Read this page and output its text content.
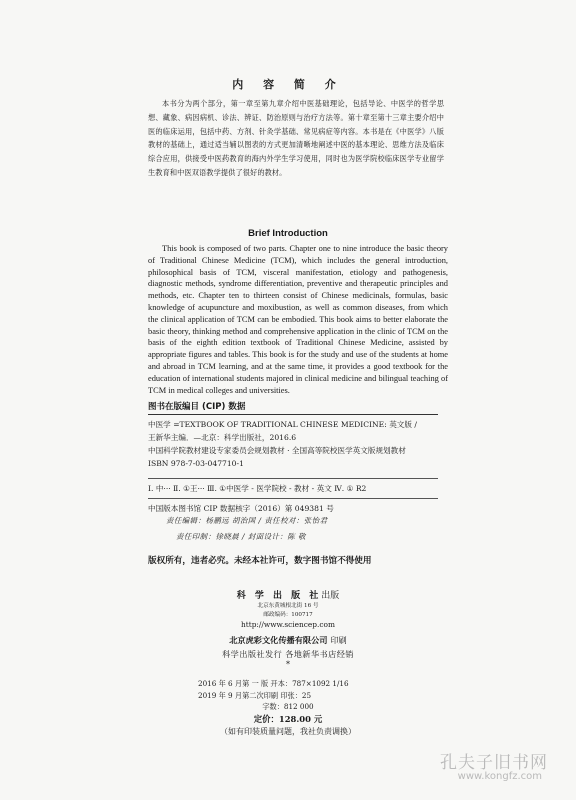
内 容 简 介

本书分为两个部分，第一章至第九章介绍中医基础理论，包括导论、中医学的哲学思想、藏象、病因病机、诊法、辨证、防治原则与治疗方法等。第十章至第十三章主要介绍中医的临床运用，包括中药、方剂、针灸学基础、常见病症等内容。本书是在《中医学》八版教材的基础上，通过适当辅以图表的方式更加清晰地阐述中医的基本理论、思维方法及临床综合应用，供接受中医药教育的海内外学生学习使用，同时也为医学院校临床医学专业留学生教育和中医双语教学提供了很好的教材。

Brief Introduction

This book is composed of two parts. Chapter one to nine introduce the basic theory of Traditional Chinese Medicine (TCM), which includes the general introduction, philosophical basis of TCM, visceral manifestation, etiology and pathogenesis, diagnostic methods, syndrome differentiation, preventive and therapeutic principles and methods, etc. Chapter ten to thirteen consist of Chinese medicinals, formulas, basic knowledge of acupuncture and moxibustion, as well as common diseases, from which the clinical application of TCM can be embodied. This book aims to better elaborate the basic theory, thinking method and comprehensive application in the clinic of TCM on the basis of the eighth edition textbook of Traditional Chinese Medicine, assisted by appropriate figures and tables. This book is for the study and use of the students at home and abroad in TCM learning, and at the same time, it provides a good textbook for the education of international students majored in clinical medicine and bilingual teaching of TCM in medical colleges and universities.

图书在版编目 (CIP) 数据
中医学 =TEXTBOOK OF TRADITIONAL CHINESE MEDICINE: 英文版 /
王新华主编．—北京：科学出版社，2016.6
中国科学院教材建设专家委员会规划教材 · 全国高等院校医学英文版规划教材
ISBN 978-7-03-047710-1
Ⅰ. 中··· Ⅱ. ①王··· Ⅲ. ①中医学 - 医学院校 - 教材 - 英文 Ⅳ. ① R2
中国版本图书馆 CIP 数据核字（2016）第 049381 号
责任编辑：杨鹏远 胡治国 / 责任校对：张怡君
责任印制：徐晓晨 / 封面设计：陈 敬
版权所有，违者必究。未经本社许可，数字图书馆不得使用
科 学 出 版 社出版
北京东黄城根北街 16 号
邮政编码：100717
http://www.sciencep.com
北京虎彩文化传播有限公司 印刷
科学出版社发行 各地新华书店经销
*
2016 年 6 月第 一 版 开本：787×1092 1/16
2019 年 9 月第二次印刷 印张：25
字数：812 000
定价：128.00 元
（如有印装质量问题，我社负责调换）
孔夫子旧书网
www.kongfz.com
